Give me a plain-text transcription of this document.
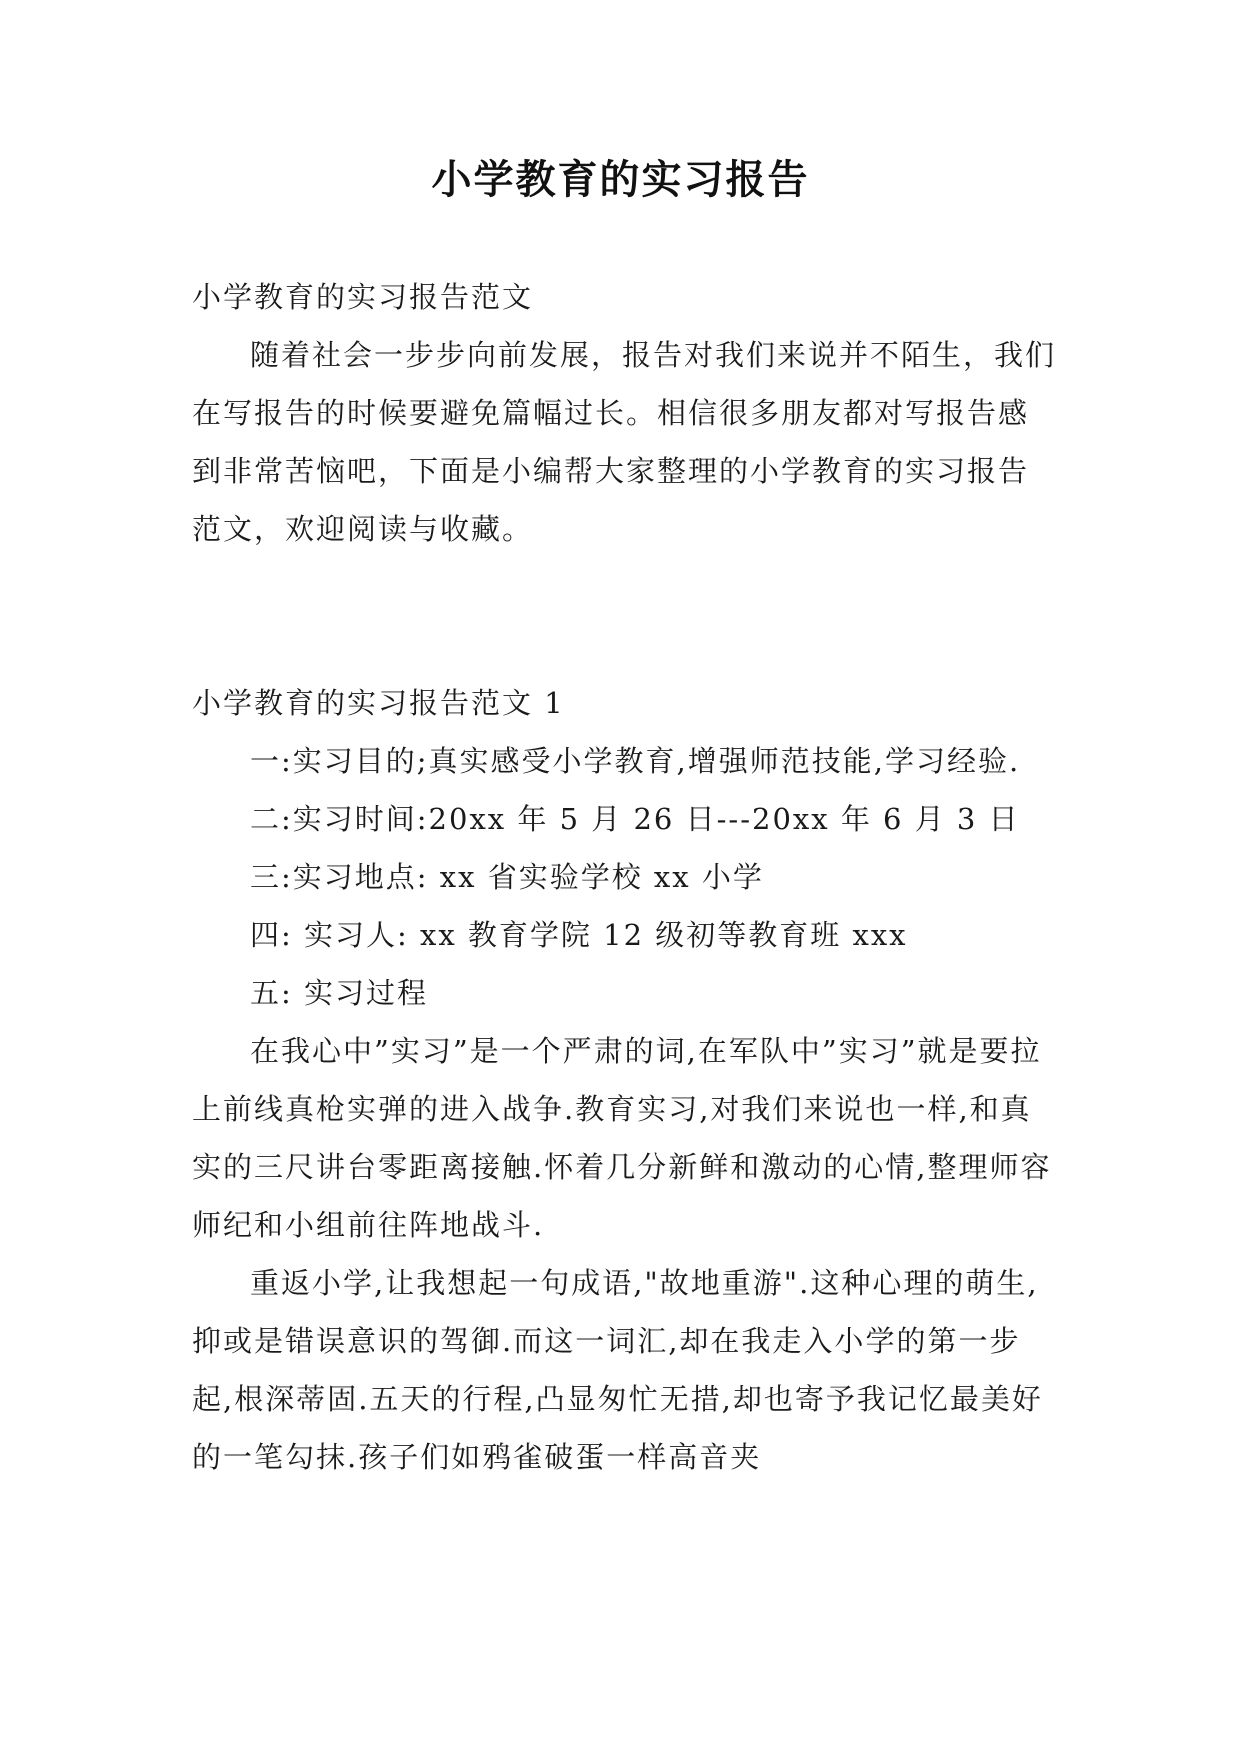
小学教育的实习报告

小学教育的实习报告范文

随着社会一步步向前发展，报告对我们来说并不陌生，我们在写报告的时候要避免篇幅过长。相信很多朋友都对写报告感到非常苦恼吧，下面是小编帮大家整理的小学教育的实习报告范文，欢迎阅读与收藏。

小学教育的实习报告范文 1

一:实习目的;真实感受小学教育,增强师范技能,学习经验.

二:实习时间:20xx 年 5 月 26 日---20xx 年 6 月 3 日

三:实习地点: xx 省实验学校 xx 小学

四: 实习人: xx 教育学院 12 级初等教育班 xxx

五: 实习过程

在我心中”实习”是一个严肃的词,在军队中”实习”就是要拉上前线真枪实弹的进入战争.教育实习,对我们来说也一样,和真实的三尺讲台零距离接触.怀着几分新鲜和激动的心情,整理师容师纪和小组前往阵地战斗.

重返小学,让我想起一句成语,"故地重游".这种心理的萌生,抑或是错误意识的驾御.而这一词汇,却在我走入小学的第一步起,根深蒂固.五天的行程,凸显匆忙无措,却也寄予我记忆最美好的一笔勾抹.孩子们如鸦雀破蛋一样高音夹
